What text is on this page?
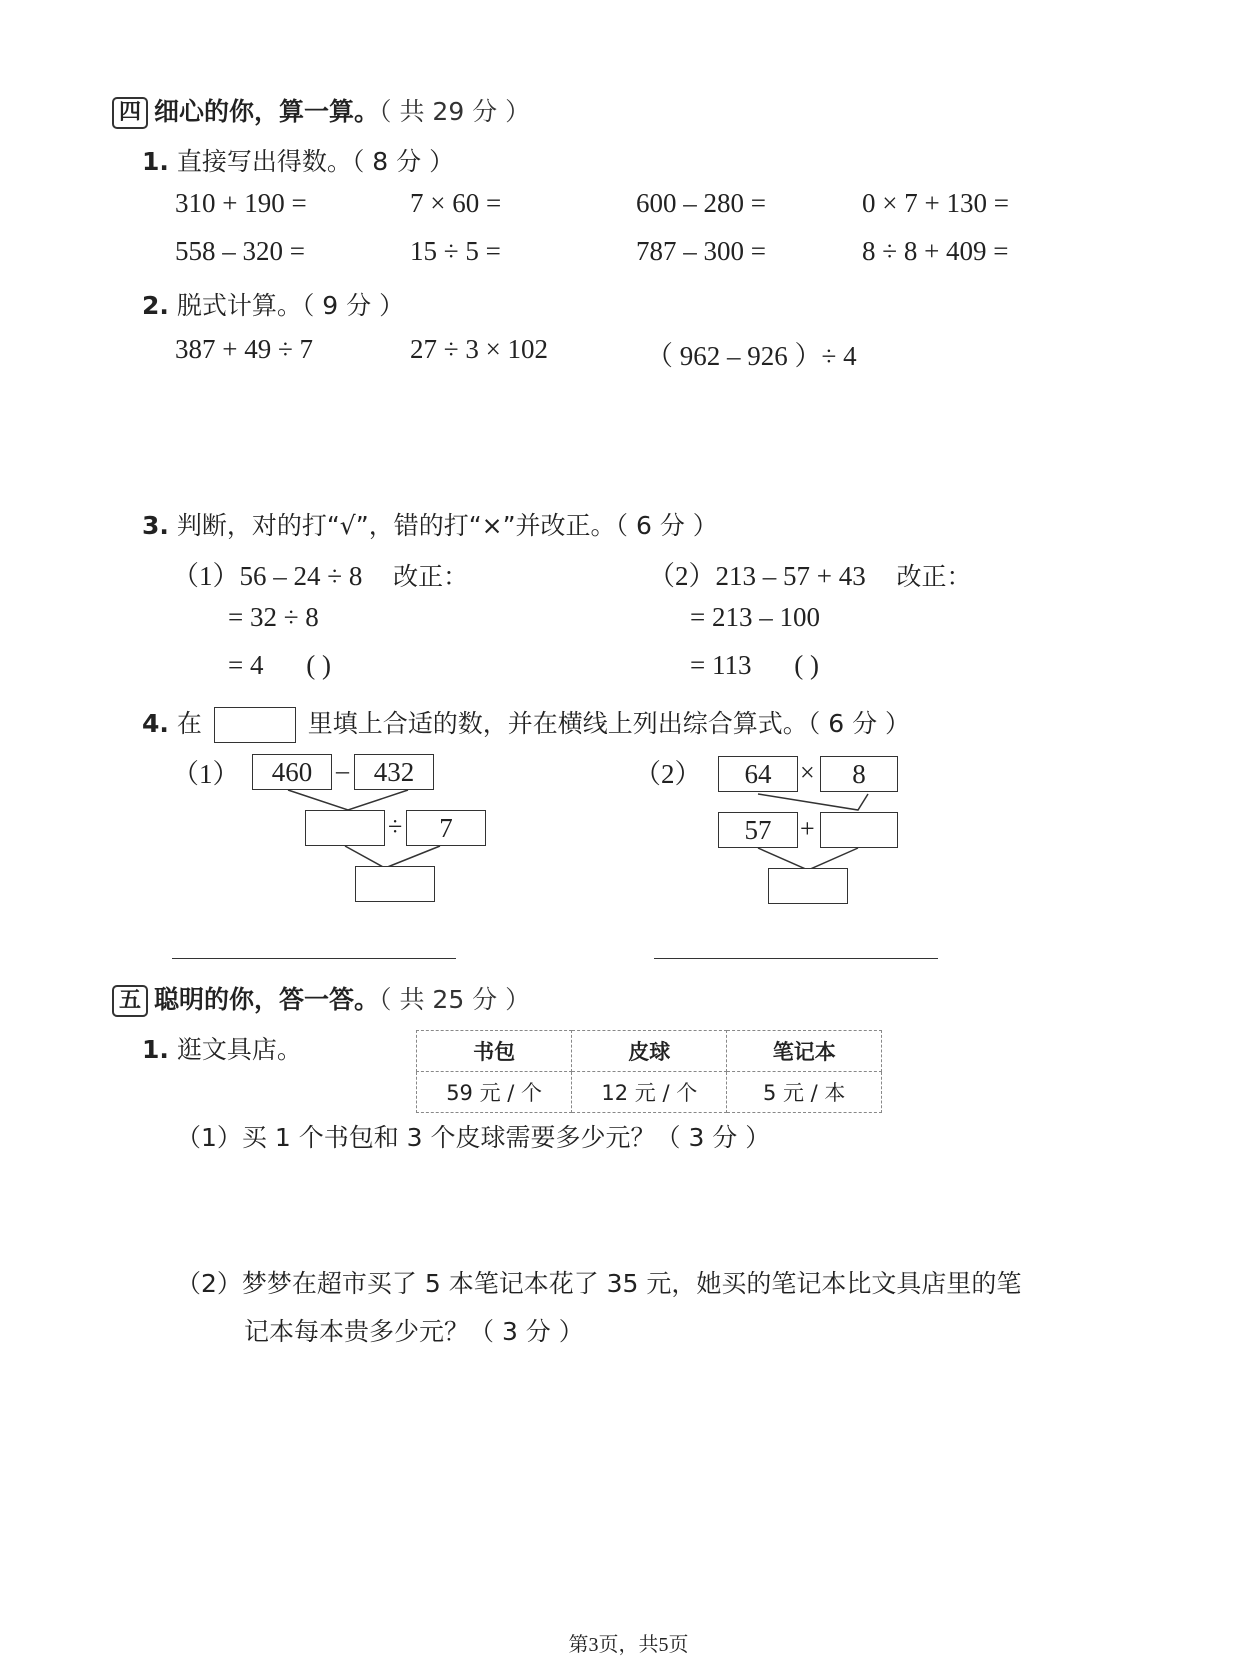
四 细心的你，算一算。（ 共 29 分 ）
1. 直接写出得数。（ 8 分 ）
310 + 190 =	7 × 60 =	600 – 280 =	0 × 7 + 130 =
558 – 320 =	15 ÷ 5 =	787 – 300 =	8 ÷ 8 + 409 =
2. 脱式计算。（ 9 分 ）
387 + 49 ÷ 7	27 ÷ 3 × 102	（ 962 – 926 ）÷ 4
3. 判断，对的打“√”，错的打“×”并改正。（ 6 分 ）
（1）56 – 24 ÷ 8 改正：
= 32 ÷ 8
= 4 ( )
（2）213 – 57 + 43 改正：
= 213 – 100
= 113 ( )
4. 在	里填上合适的数，并在横线上列出综合算式。（ 6 分 ）
（1）	460 – 432
÷	7
（2）	64	×	8
57	+
五 聪明的你，答一答。（ 共 25 分 ）
1. 逛文具店。	书包	皮球	笔记本
59 元 / 个	12 元 / 个	5 元 / 本
（1）买 1 个书包和 3 个皮球需要多少元？（ 3 分 ）
（2）梦梦在超市买了 5 本笔记本花了 35 元，她买的笔记本比文具店里的笔
记本每本贵多少元？（ 3 分 ）
第3页，共5页
